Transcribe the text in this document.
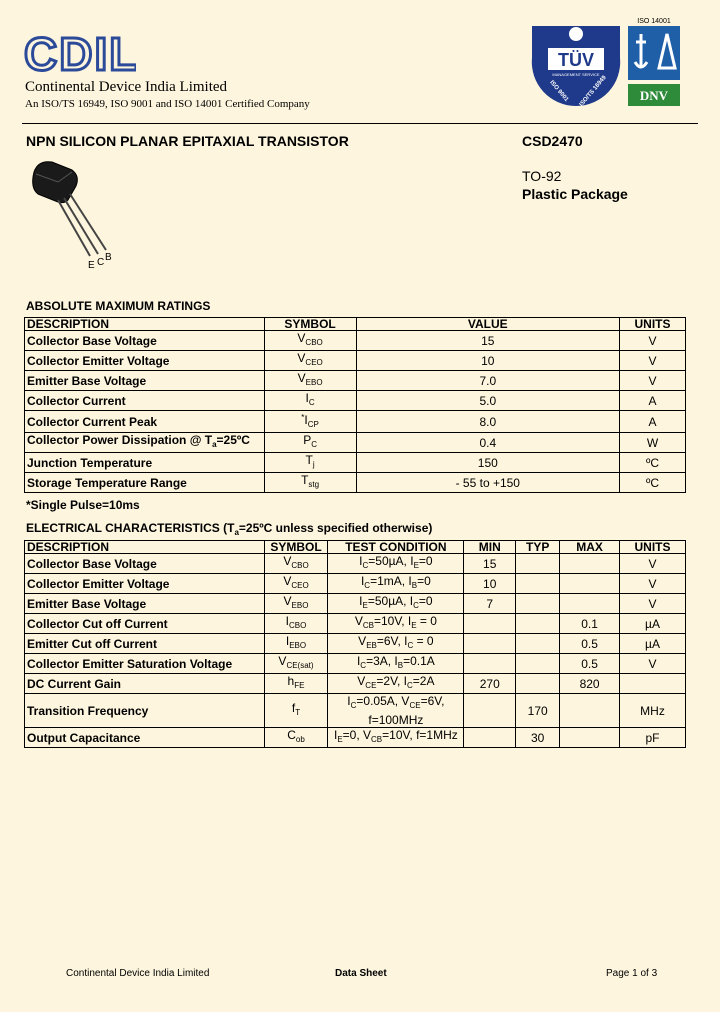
CDIL
Continental Device India Limited
An ISO/TS 16949, ISO 9001 and ISO 14001 Certified Company
TÜV
MANAGEMENT SERVICE
ISO 9001 ISO/TS 16949
ISO 14001
DNV
NPN SILICON PLANAR EPITAXIAL TRANSISTOR	CSD2470
TO-92
Plastic Package
E C B
ABSOLUTE MAXIMUM RATINGS
DESCRIPTION	SYMBOL	VALUE	UNITS
Collector Base Voltage	$V_{CBO}$	15	V
Collector Emitter Voltage	$V_{CEO}$	10	V
Emitter Base Voltage	$V_{EBO}$	7.0	V
Collector Current	$I_C$	5.0	A
Collector Current Peak	$^*I_{CP}$	8.0	A
Collector Power Dissipation @ $T_a=25ºC$	$P_C$	0.4	W
Junction Temperature	$T_j$	150	ºC
Storage Temperature Range	$T_{stg}$	- 55 to +150	ºC
*Single Pulse=10ms
ELECTRICAL CHARACTERISTICS ($T_a=25ºC$ unless specified otherwise)
DESCRIPTION	SYMBOL	TEST CONDITION	MIN	TYP	MAX	UNITS
Collector Base Voltage	$V_{CBO}$	$I_C=50\mu A$, $I_E=0$	15			V
Collector Emitter Voltage	$V_{CEO}$	$I_C=1mA$, $I_B=0$	10			V
Emitter Base Voltage	$V_{EBO}$	$I_E=50\mu A$, $I_C=0$	7			V
Collector Cut off Current	$I_{CBO}$	$V_{CB}=10V$, $I_E = 0$			0.1	µA
Emitter Cut off Current	$I_{EBO}$	$V_{EB}=6V$, $I_C = 0$			0.5	µA
Collector Emitter Saturation Voltage	$V_{CE(sat)}$	$I_C=3A$, $I_B=0.1A$			0.5	V
DC Current Gain	$h_{FE}$	$V_{CE}=2V$, $I_C=2A$	270		820	
Transition Frequency	$f_T$	$I_C=0.05A$, $V_{CE}=6V$,
f=100MHz		170		MHz
Output Capacitance	$C_{ob}$	$I_E=0$, $V_{CB}=10V$, f=1MHz		30		pF
Continental Device India Limited	Data Sheet	Page 1 of 3
